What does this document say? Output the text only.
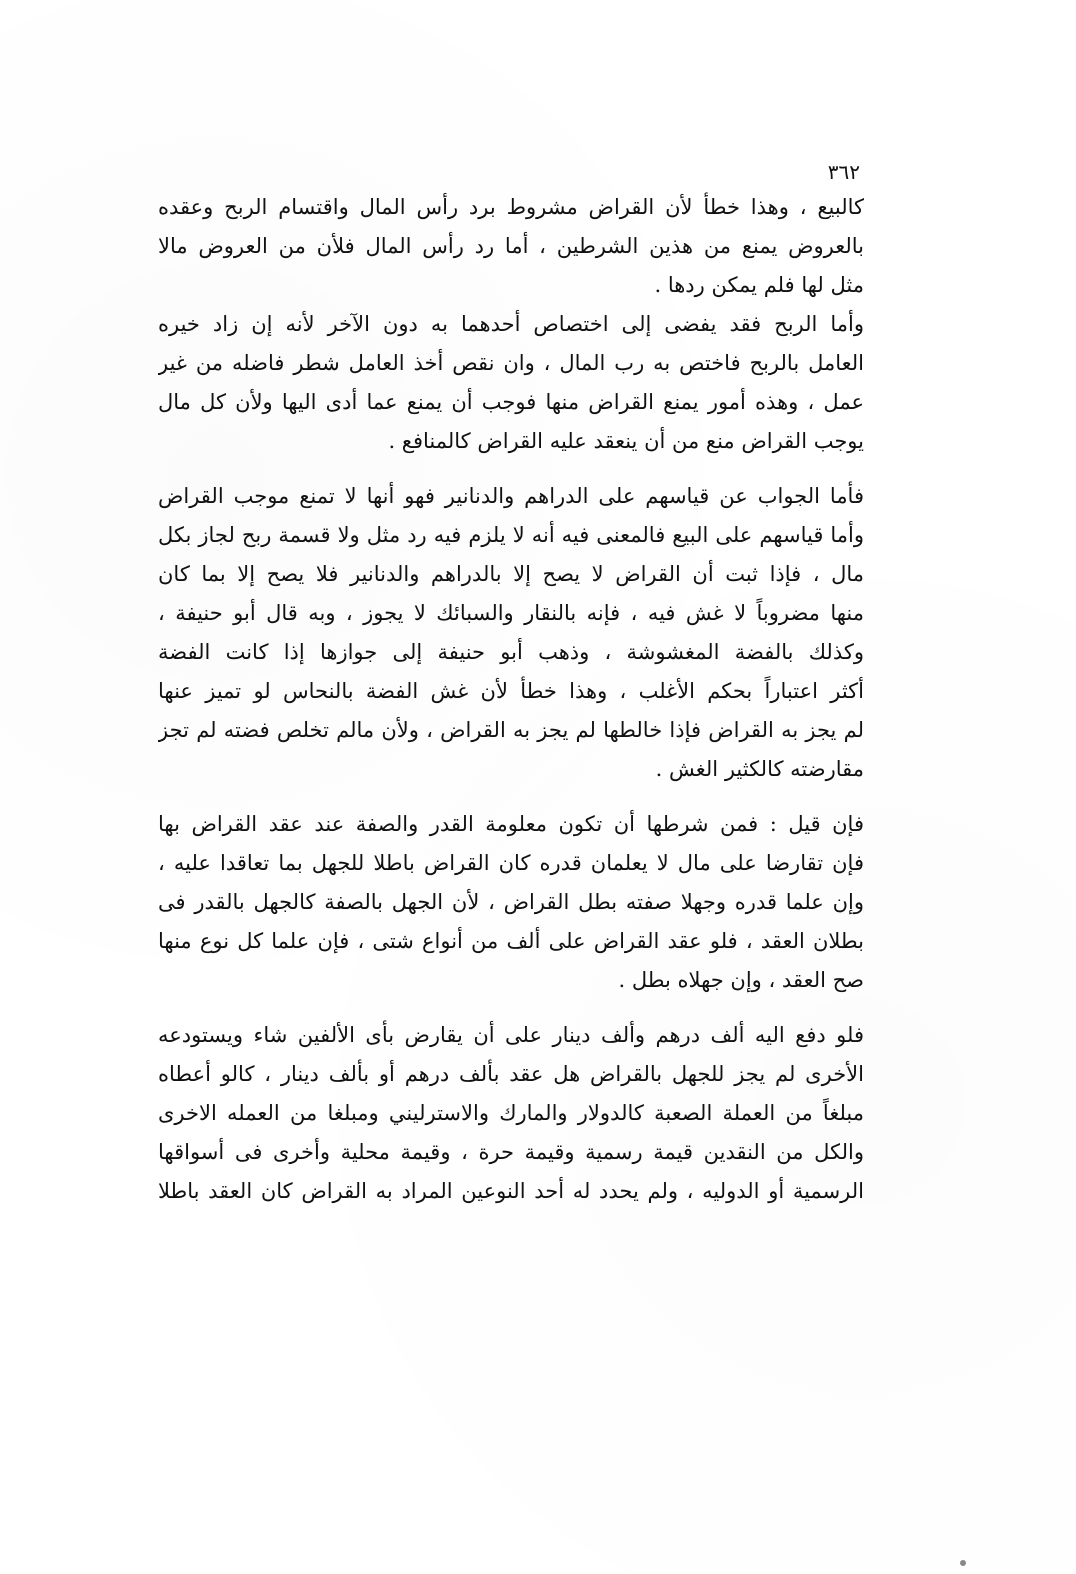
٣٦٢
كالبيع ، وهذا خطأ لأن القراض مشروط برد رأس المال واقتسام الربح وعقده
بالعروض يمنع من هذين الشرطين ، أما رد رأس المال فلأن من العروض مالا
مثل لها فلم يمكن ردها .
وأما الربح فقد يفضى إلى اختصاص أحدهما به دون الآخر لأنه إن زاد خيره
العامل بالربح فاختص به رب المال ، وان نقص أخذ العامل شطر فاضله من غير
عمل ، وهذه أمور يمنع القراض منها فوجب أن يمنع عما أدى اليها ولأن كل مال
يوجب القراض منع من أن ينعقد عليه القراض كالمنافع .
فأما الجواب عن قياسهم على الدراهم والدنانير فهو أنها لا تمنع موجب القراض
وأما قياسهم على البيع فالمعنى فيه أنه لا يلزم فيه رد مثل ولا قسمة ربح لجاز بكل
مال ، فإذا ثبت أن القراض لا يصح إلا بالدراهم والدنانير فلا يصح إلا بما كان
منها مضروباً لا غش فيه ، فإنه بالنقار والسبائك لا يجوز ، وبه قال أبو حنيفة ،
وكذلك بالفضة المغشوشة ، وذهب أبو حنيفة إلى جوازها إذا كانت الفضة
أكثر اعتباراً بحكم الأغلب ، وهذا خطأ لأن غش الفضة بالنحاس لو تميز عنها
لم يجز به القراض فإذا خالطها لم يجز به القراض ، ولأن مالم تخلص فضته لم تجز
مقارضته كالكثير الغش .
فإن قيل : فمن شرطها أن تكون معلومة القدر والصفة عند عقد القراض بها
فإن تقارضا على مال لا يعلمان قدره كان القراض باطلا للجهل بما تعاقدا عليه ،
وإن علما قدره وجهلا صفته بطل القراض ، لأن الجهل بالصفة كالجهل بالقدر فى
بطلان العقد ، فلو عقد القراض على ألف من أنواع شتى ، فإن علما كل نوع منها
صح العقد ، وإن جهلاه بطل .
فلو دفع اليه ألف درهم وألف دينار على أن يقارض بأى الألفين شاء ويستودعه
الأخرى لم يجز للجهل بالقراض هل عقد بألف درهم أو بألف دينار ، كالو أعطاه
مبلغاً من العملة الصعبة كالدولار والمارك والاسترليني ومبلغا من العمله الاخرى
والكل من النقدين قيمة رسمية وقيمة حرة ، وقيمة محلية وأخرى فى أسواقها
الرسمية أو الدوليه ، ولم يحدد له أحد النوعين المراد به القراض كان العقد باطلا
